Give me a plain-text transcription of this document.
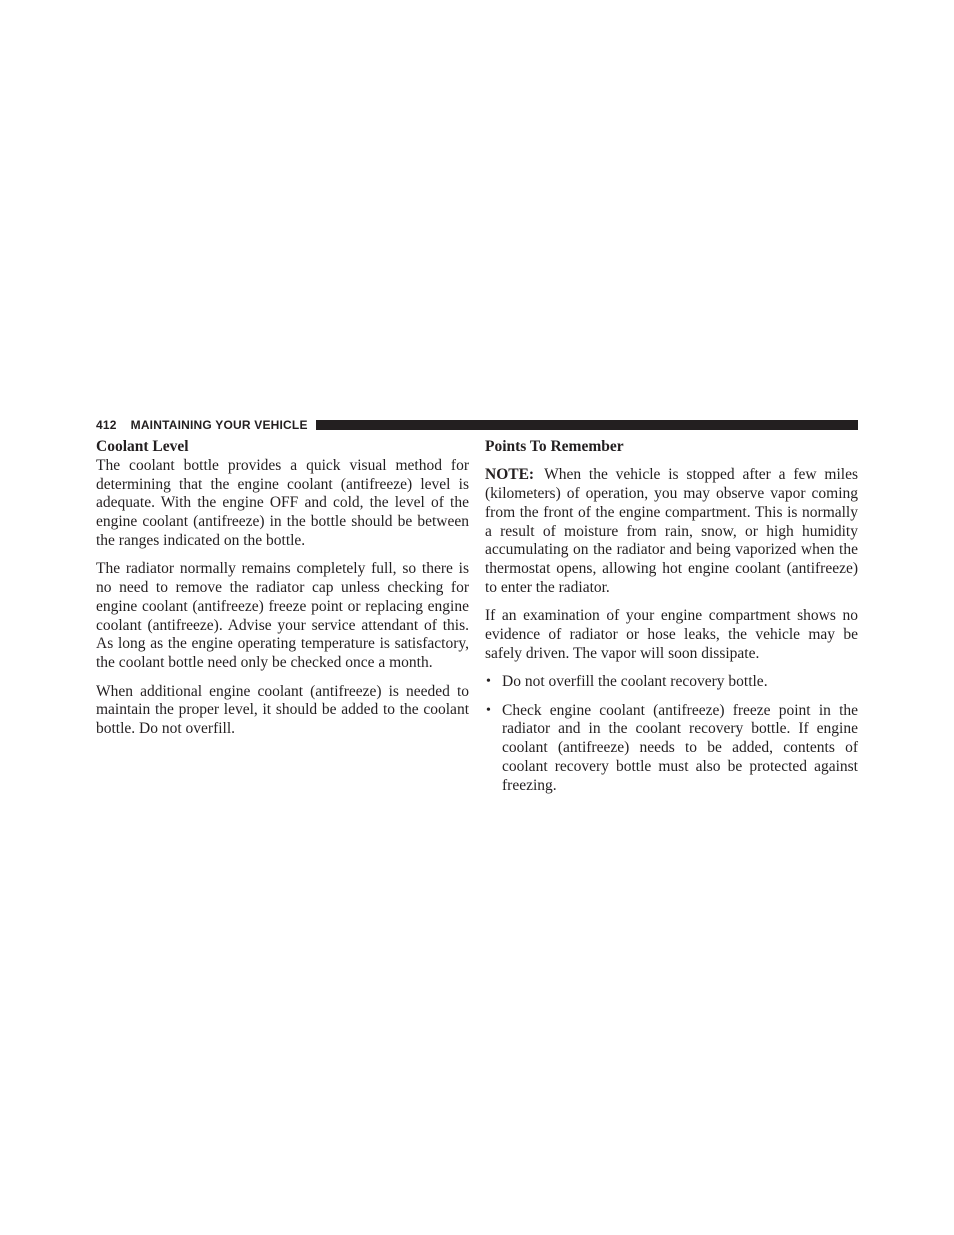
412 MAINTAINING YOUR VEHICLE
Coolant Level

The coolant bottle provides a quick visual method for determining that the engine coolant (antifreeze) level is adequate. With the engine OFF and cold, the level of the engine coolant (antifreeze) in the bottle should be between the ranges indicated on the bottle.

The radiator normally remains completely full, so there is no need to remove the radiator cap unless checking for engine coolant (antifreeze) freeze point or replacing engine coolant (antifreeze). Advise your service attendant of this. As long as the engine operating temperature is satisfactory, the coolant bottle need only be checked once a month.

When additional engine coolant (antifreeze) is needed to maintain the proper level, it should be added to the coolant bottle. Do not overfill.

Points To Remember

NOTE: When the vehicle is stopped after a few miles (kilometers) of operation, you may observe vapor coming from the front of the engine compartment. This is normally a result of moisture from rain, snow, or high humidity accumulating on the radiator and being vaporized when the thermostat opens, allowing hot engine coolant (antifreeze) to enter the radiator.

If an examination of your engine compartment shows no evidence of radiator or hose leaks, the vehicle may be safely driven. The vapor will soon dissipate.

• Do not overfill the coolant recovery bottle.
• Check engine coolant (antifreeze) freeze point in the radiator and in the coolant recovery bottle. If engine coolant (antifreeze) needs to be added, contents of coolant recovery bottle must also be protected against freezing.
